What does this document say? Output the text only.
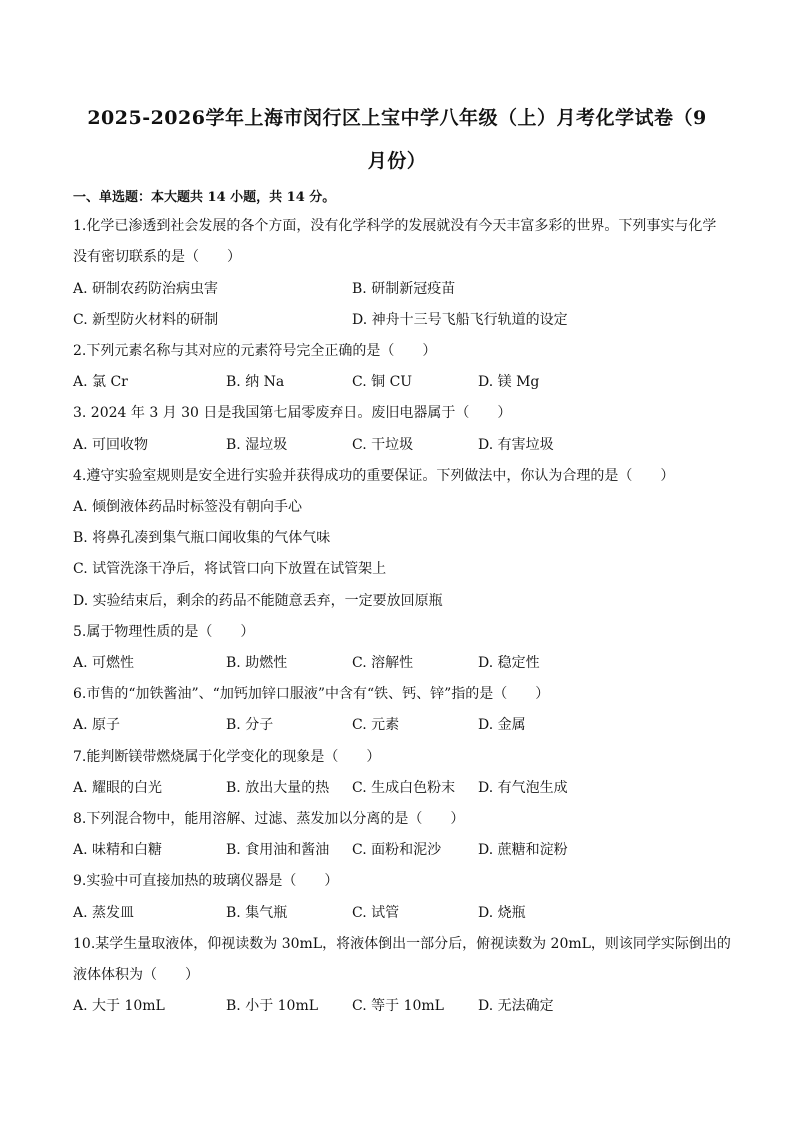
2025-2026学年上海市闵行区上宝中学八年级（上）月考化学试卷（9
月份）
一、单选题：本大题共 14 小题，共 14 分。
1.化学已渗透到社会发展的各个方面，没有化学科学的发展就没有今天丰富多彩的世界。下列事实与化学
没有密切联系的是（　　）
A. 研制农药防治病虫害	B. 研制新冠疫苗
C. 新型防火材料的研制	D. 神舟十三号飞船飞行轨道的设定
2.下列元素名称与其对应的元素符号完全正确的是（　　）
A. 氯 Cr	B. 纳 Na	C. 铜 CU	D. 镁 Mg
3. 2024 年 3 月 30 日是我国第七届零废弃日。废旧电器属于（　　）
A. 可回收物	B. 湿垃圾	C. 干垃圾	D. 有害垃圾
4.遵守实验室规则是安全进行实验并获得成功的重要保证。下列做法中，你认为合理的是（　　）
A. 倾倒液体药品时标签没有朝向手心
B. 将鼻孔凑到集气瓶口闻收集的气体气味
C. 试管洗涤干净后，将试管口向下放置在试管架上
D. 实验结束后，剩余的药品不能随意丢弃，一定要放回原瓶
5.属于物理性质的是（　　）
A. 可燃性	B. 助燃性	C. 溶解性	D. 稳定性
6.市售的“加铁酱油”、“加钙加锌口服液”中含有“铁、钙、锌”指的是（　　）
A. 原子	B. 分子	C. 元素	D. 金属
7.能判断镁带燃烧属于化学变化的现象是（　　）
A. 耀眼的白光	B. 放出大量的热 C. 生成白色粉末 D. 有气泡生成
8.下列混合物中，能用溶解、过滤、蒸发加以分离的是（　　）
A. 味精和白糖	B. 食用油和酱油 C. 面粉和泥沙	D. 蔗糖和淀粉
9.实验中可直接加热的玻璃仪器是（　　）
A. 蒸发皿	B. 集气瓶	C. 试管	D. 烧瓶
10.某学生量取液体，仰视读数为 30mL，将液体倒出一部分后，俯视读数为 20mL，则该同学实际倒出的
液体体积为（　　）
A. 大于 10mL	B. 小于 10mL C. 等于 10mL D. 无法确定
